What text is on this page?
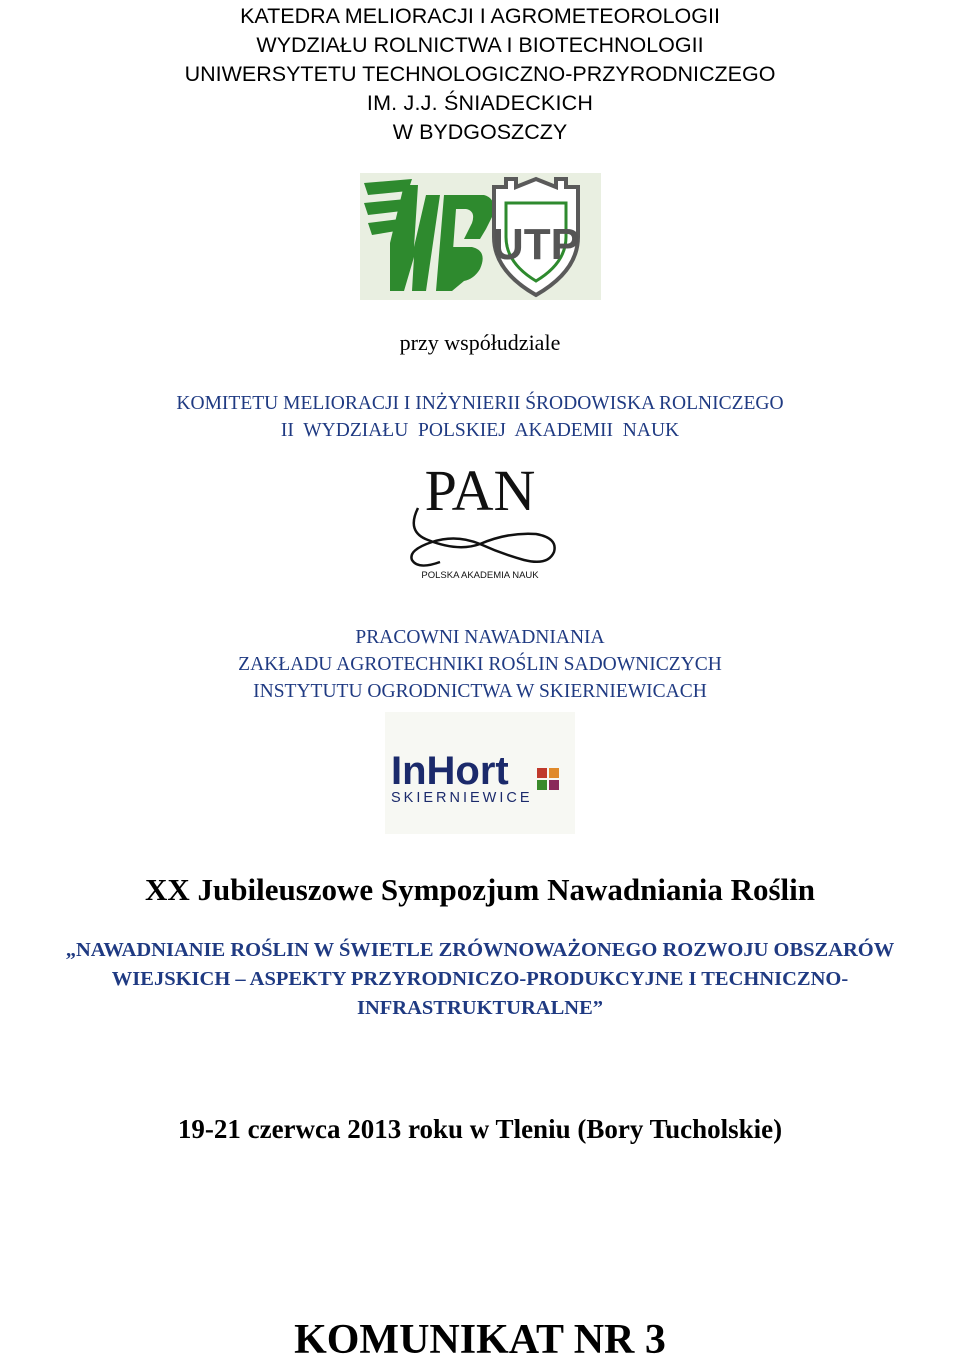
KATEDRA MELIORACJI I AGROMETEOROLOGII
WYDZIAŁU ROLNICTWA I BIOTECHNOLOGII
UNIWERSYTETU TECHNOLOGICZNO-PRZYRODNICZEGO
IM. J.J. ŚNIADECKICH
W BYDGOSZCZY
UTP
przy współudziale
KOMITETU MELIORACJI I INŻYNIERII ŚRODOWISKA ROLNICZEGO
II  WYDZIAŁU  POLSKIEJ  AKADEMII  NAUK
PAN
POLSKA AKADEMIA NAUK
PRACOWNI NAWADNIANIA
ZAKŁADU AGROTECHNIKI ROŚLIN SADOWNICZYCH
INSTYTUTU OGRODNICTWA W SKIERNIEWICACH
InHort
SKIERNIEWICE
XX Jubileuszowe Sympozjum Nawadniania Roślin
„NAWADNIANIE ROŚLIN W ŚWIETLE ZRÓWNOWAŻONEGO ROZWOJU OBSZARÓW
WIEJSKICH – ASPEKTY PRZYRODNICZO-PRODUKCYJNE I TECHNICZNO-
INFRASTRUKTURALNE”
19-21 czerwca 2013 roku w Tleniu (Bory Tucholskie)
KOMUNIKAT NR 3
